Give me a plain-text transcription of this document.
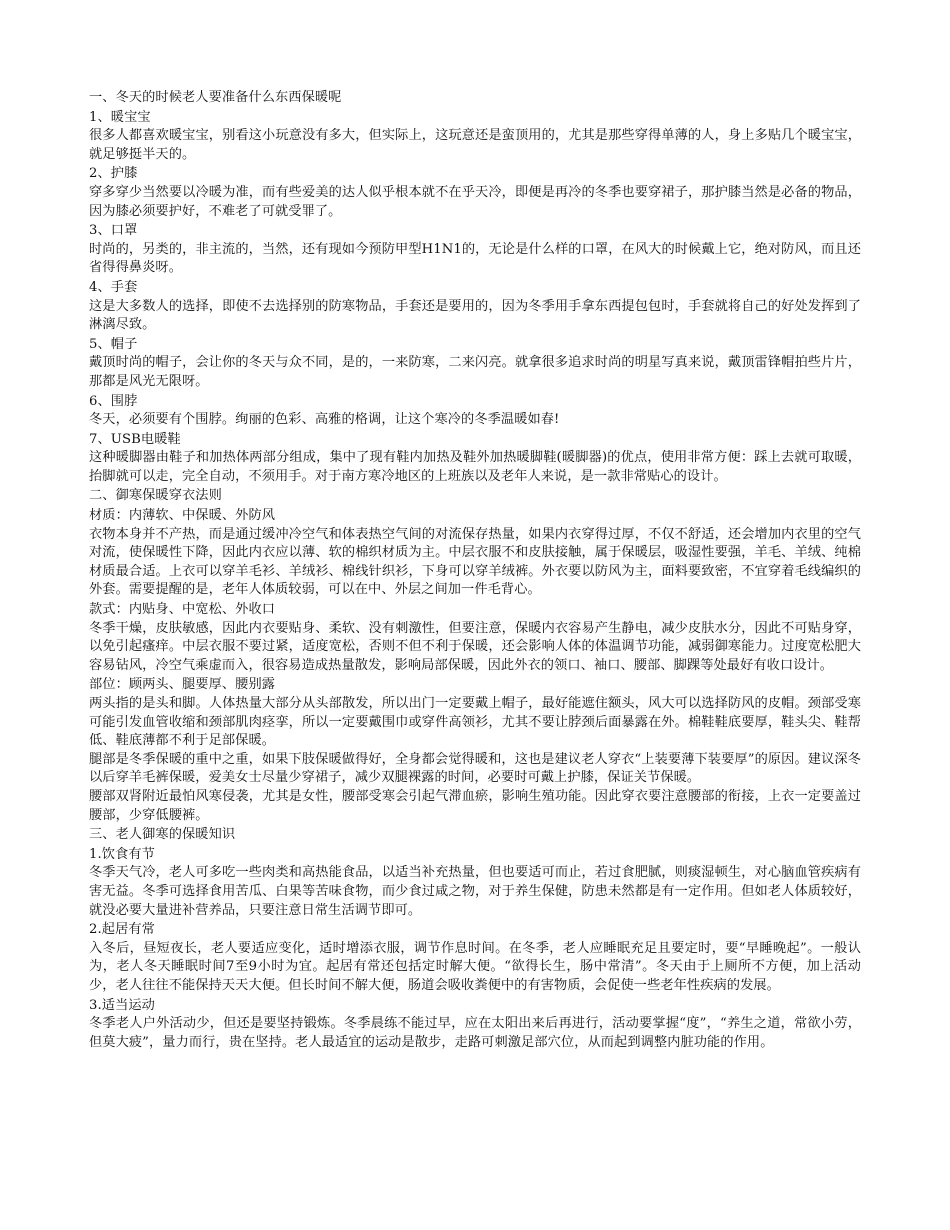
一、冬天的时候老人要准备什么东西保暖呢
1、暖宝宝

很多人都喜欢暖宝宝，别看这小玩意没有多大，但实际上，这玩意还是蛮顶用的，尤其是那些穿得单薄的人，身上多贴几个暖宝宝，就足够挺半天的。

2、护膝

穿多穿少当然要以冷暖为准，而有些爱美的达人似乎根本就不在乎天冷，即便是再冷的冬季也要穿裙子，那护膝当然是必备的物品，因为膝必须要护好，不难老了可就受罪了。

3、口罩

时尚的，另类的，非主流的，当然，还有现如今预防甲型H1N1的，无论是什么样的口罩，在风大的时候戴上它，绝对防风，而且还省得得鼻炎呀。

4、手套

这是大多数人的选择，即使不去选择别的防寒物品，手套还是要用的，因为冬季用手拿东西提包包时，手套就将自己的好处发挥到了淋漓尽致。

5、帽子

戴顶时尚的帽子，会让你的冬天与众不同，是的，一来防寒，二来闪亮。就拿很多追求时尚的明星写真来说，戴顶雷锋帽拍些片片，那都是风光无限呀。

6、围脖

冬天，必须要有个围脖。绚丽的色彩、高雅的格调，让这个寒冷的冬季温暖如春!

7、USB电暖鞋

这种暖脚器由鞋子和加热体两部分组成，集中了现有鞋内加热及鞋外加热暖脚鞋(暖脚器)的优点，使用非常方便：踩上去就可取暖，抬脚就可以走，完全自动，不须用手。对于南方寒冷地区的上班族以及老年人来说，是一款非常贴心的设计。

二、御寒保暖穿衣法则
材质：内薄软、中保暖、外防风

衣物本身并不产热，而是通过缓冲冷空气和体表热空气间的对流保存热量，如果内衣穿得过厚，不仅不舒适，还会增加内衣里的空气对流，使保暖性下降，因此内衣应以薄、软的棉织材质为主。中层衣服不和皮肤接触，属于保暖层，吸湿性要强，羊毛、羊绒、纯棉材质最合适。上衣可以穿羊毛衫、羊绒衫、棉线针织衫，下身可以穿羊绒裤。外衣要以防风为主，面料要致密，不宜穿着毛线编织的外套。需要提醒的是，老年人体质较弱，可以在中、外层之间加一件毛背心。

款式：内贴身、中宽松、外收口

冬季干燥，皮肤敏感，因此内衣要贴身、柔软、没有刺激性，但要注意，保暖内衣容易产生静电，减少皮肤水分，因此不可贴身穿，以免引起瘙痒。中层衣服不要过紧，适度宽松，否则不但不利于保暖，还会影响人体的体温调节功能，减弱御寒能力。过度宽松肥大容易钻风，冷空气乘虚而入，很容易造成热量散发，影响局部保暖，因此外衣的领口、袖口、腰部、脚踝等处最好有收口设计。

部位：顾两头、腿要厚、腰别露

两头指的是头和脚。人体热量大部分从头部散发，所以出门一定要戴上帽子，最好能遮住额头，风大可以选择防风的皮帽。颈部受寒可能引发血管收缩和颈部肌肉痉挛，所以一定要戴围巾或穿件高领衫，尤其不要让脖颈后面暴露在外。棉鞋鞋底要厚，鞋头尖、鞋帮低、鞋底薄都不利于足部保暖。

腿部是冬季保暖的重中之重，如果下肢保暖做得好，全身都会觉得暖和，这也是建议老人穿衣“上装要薄下装要厚”的原因。建议深冬以后穿羊毛裤保暖，爱美女士尽量少穿裙子，减少双腿裸露的时间，必要时可戴上护膝，保证关节保暖。

腰部双肾附近最怕风寒侵袭，尤其是女性，腰部受寒会引起气滞血瘀，影响生殖功能。因此穿衣要注意腰部的衔接，上衣一定要盖过腰部，少穿低腰裤。

三、老人御寒的保暖知识
1.饮食有节

冬季天气冷，老人可多吃一些肉类和高热能食品，以适当补充热量，但也要适可而止，若过食肥腻，则痰湿顿生，对心脑血管疾病有害无益。冬季可选择食用苦瓜、白果等苦味食物，而少食过咸之物，对于养生保健，防患未然都是有一定作用。但如老人体质较好，就没必要大量进补营养品，只要注意日常生活调节即可。

2.起居有常

入冬后，昼短夜长，老人要适应变化，适时增添衣服，调节作息时间。在冬季，老人应睡眠充足且要定时，要“早睡晚起”。一般认为，老人冬天睡眠时间7至9小时为宜。起居有常还包括定时解大便。“欲得长生，肠中常清”。冬天由于上厕所不方便，加上活动少，老人往往不能保持天天大便。但长时间不解大便，肠道会吸收粪便中的有害物质，会促使一些老年性疾病的发展。

3.适当运动

冬季老人户外活动少，但还是要坚持锻炼。冬季晨练不能过早，应在太阳出来后再进行，活动要掌握“度”，“养生之道，常欲小劳，但莫大疲”，量力而行，贵在坚持。老人最适宜的运动是散步，走路可刺激足部穴位，从而起到调整内脏功能的作用。
